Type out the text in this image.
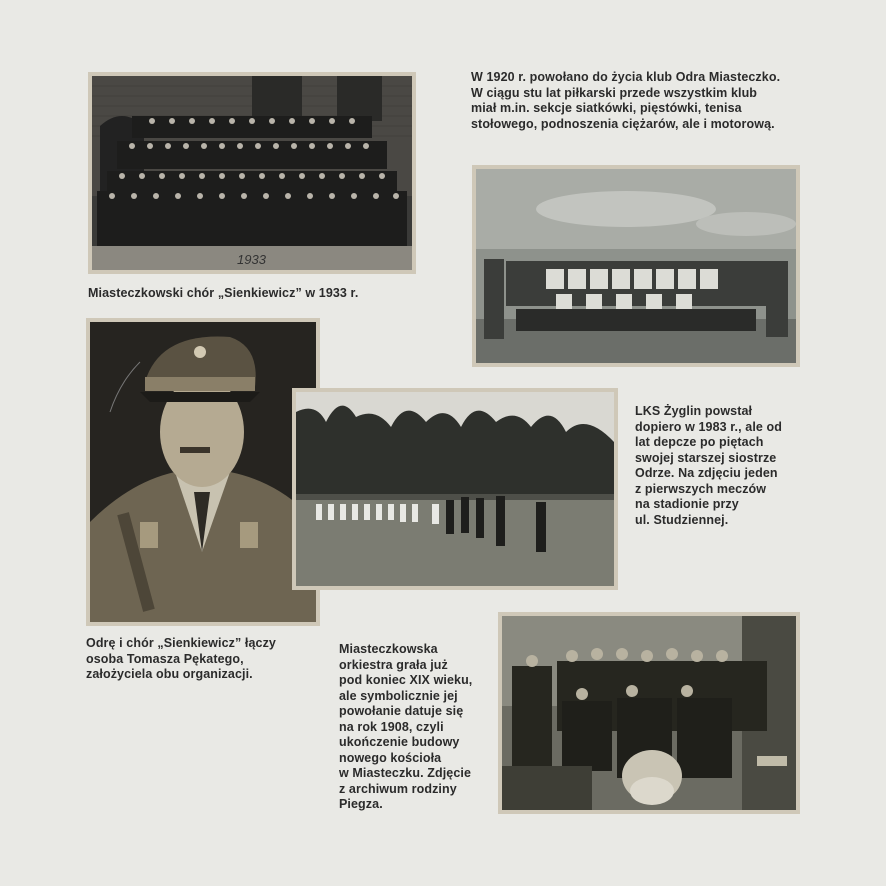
1933
Miasteczkowski chór „Sienkiewicz” w 1933 r.
W 1920 r. powołano do życia klub Odra Miasteczko.
W ciągu stu lat piłkarski przede wszystkim klub
miał m.in. sekcje siatkówki, pięstówki, tenisa
stołowego, podnoszenia ciężarów, ale i motorową.
LKS Żyglin powstał
dopiero w 1983 r., ale od
lat depcze po piętach
swojej starszej siostrze
Odrze. Na zdjęciu jeden
z pierwszych meczów
na stadionie przy
ul. Studziennej.
Odrę i chór „Sienkiewicz” łączy
osoba Tomasza Pękatego,
założyciela obu organizacji.
Miasteczkowska
orkiestra grała już
pod koniec XIX wieku,
ale symbolicznie jej
powołanie datuje się
na rok 1908, czyli
ukończenie budowy
nowego kościoła
w Miasteczku. Zdjęcie
z archiwum rodziny
Piegza.
